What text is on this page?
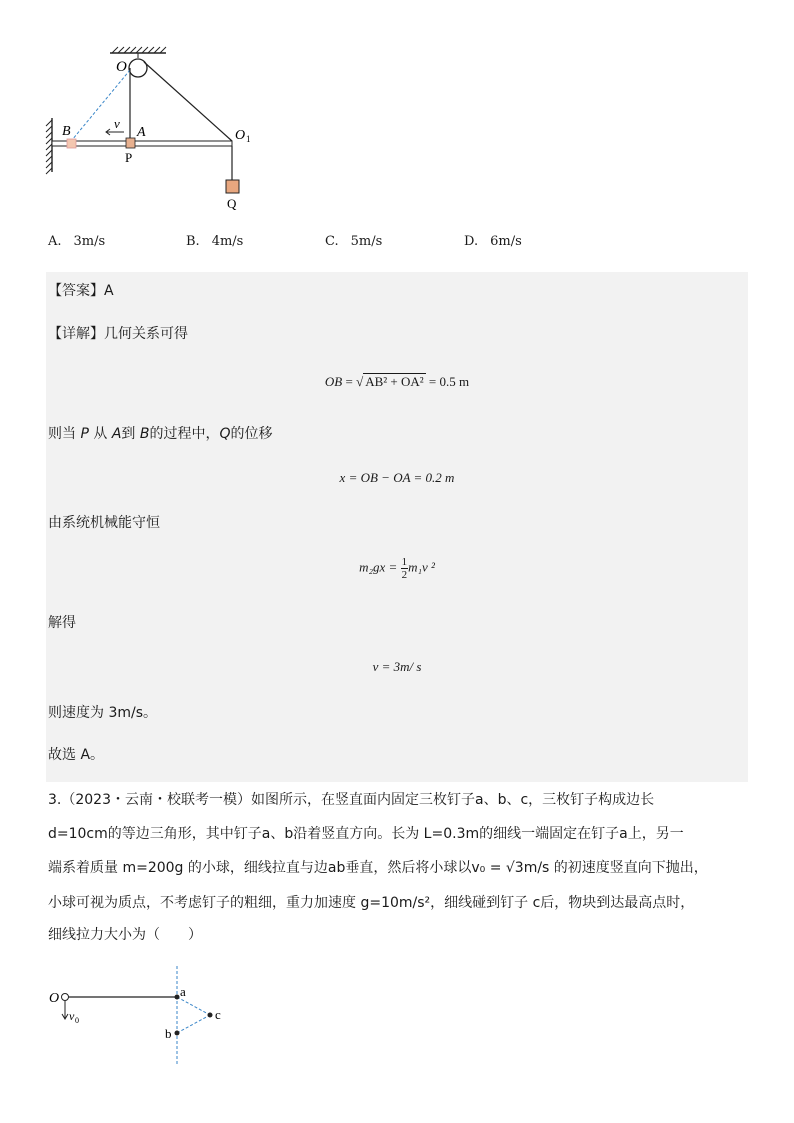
O
B
v
A	O 1
P
Q
A. 3m/s	B. 4m/s	C. 5m/s	D. 6m/s
【答案】A
【详解】几何关系可得
OB = √ AB² + OA² = 0.5 m
则当 P 从 A到 B的过程中，Q的位移
x = OB − OA = 0.2 m
由系统机械能守恒
$m_2gx = \frac{1}{2} m_1v$ ²
解得
v = 3m/ s
则速度为 3m/s。
故选 A。
3.（2023・云南・校联考一模）如图所示，在竖直面内固定三枚钉子a、b、c，三枚钉子构成边长
d=10cm的等边三角形，其中钉子a、b沿着竖直方向。长为 L=0.3m的细线一端固定在钉子a上，另一
端系着质量 m=200g 的小球，细线拉直与边ab垂直，然后将小球以v₀ = √3m/s 的初速度竖直向下抛出，
小球可视为质点，不考虑钉子的粗细，重力加速度 g=10m/s²，细线碰到钉子 c后，物块到达最高点时，
细线拉力大小为（　　）
O
v 0
a
b
c
